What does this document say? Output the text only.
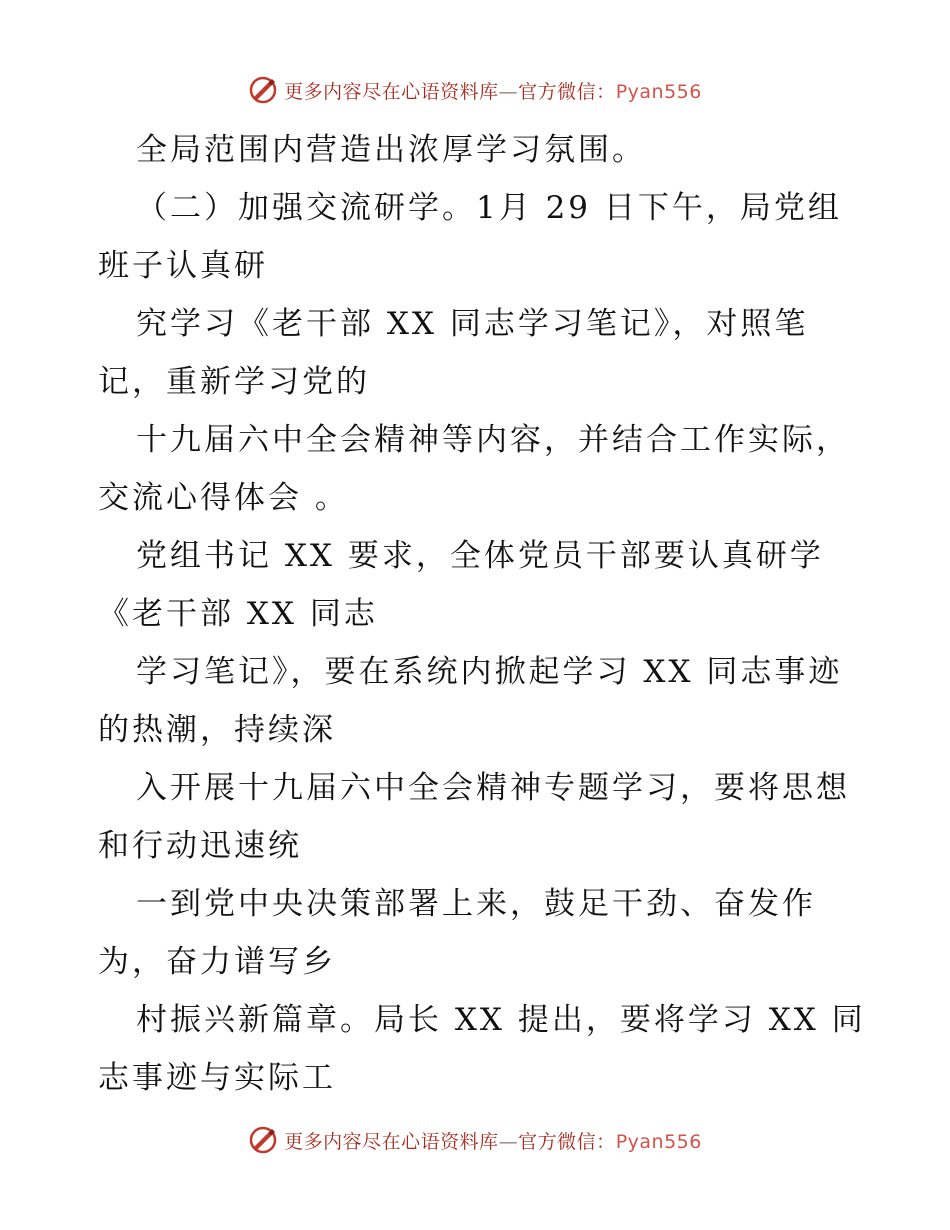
更多内容尽在心语资料库—官方微信：Pyan556
全局范围内营造出浓厚学习氛围。
（二）加强交流研学。1月 29 日下午，局党组
班子认真研
究学习《老干部 XX 同志学习笔记》，对照笔
记，重新学习党的
十九届六中全会精神等内容，并结合工作实际，
交流心得体会 。
党组书记 XX 要求，全体党员干部要认真研学
《老干部 XX 同志
学习笔记》，要在系统内掀起学习 XX 同志事迹
的热潮，持续深
入开展十九届六中全会精神专题学习，要将思想
和行动迅速统
一到党中央决策部署上来，鼓足干劲、奋发作
为，奋力谱写乡
村振兴新篇章。局长 XX 提出，要将学习 XX 同
志事迹与实际工
更多内容尽在心语资料库—官方微信：Pyan556
